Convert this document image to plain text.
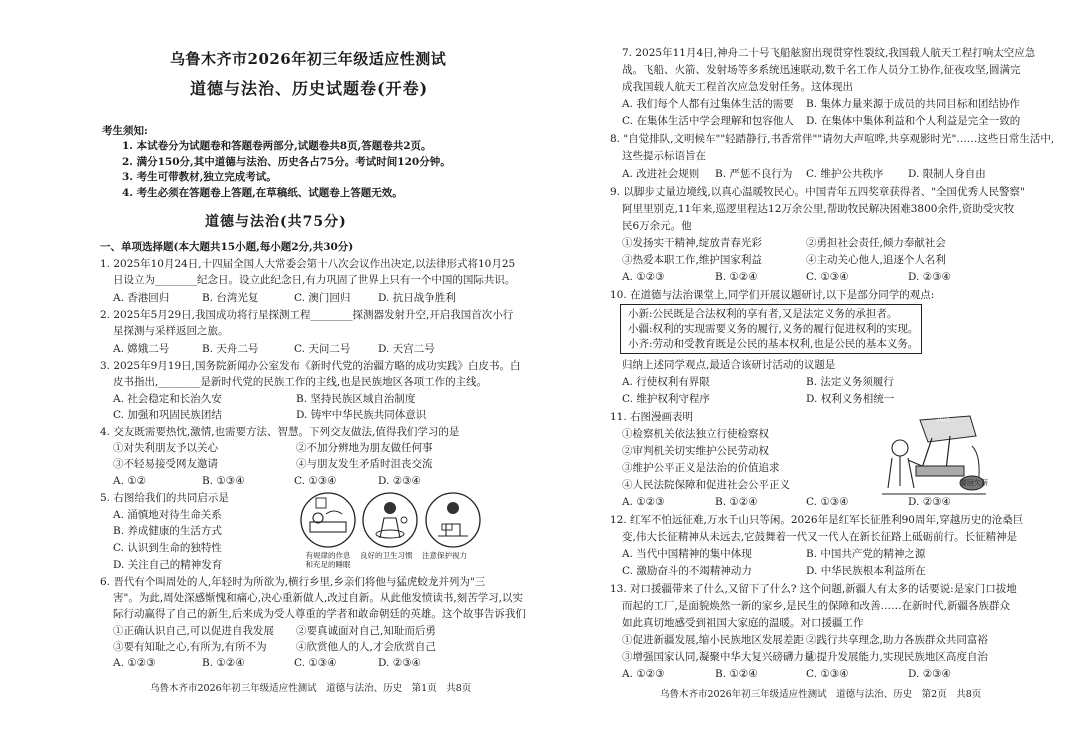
乌鲁木齐市2026年初三年级适应性测试
道德与法治、历史试题卷(开卷)
考生须知:
1. 本试卷分为试题卷和答题卷两部分,试题卷共8页,答题卷共2页。
2. 满分150分,其中道德与法治、历史各占75分。考试时间120分钟。
3. 考生可带教材,独立完成考试。
4. 考生必须在答题卷上答题,在草稿纸、试题卷上答题无效。
道德与法治(共75分)
一、单项选择题(本大题共15小题,每小题2分,共30分)
1. 2025年10月24日,十四届全国人大常委会第十八次会议作出决定,以法律形式将10月25
日设立为________纪念日。设立此纪念日,有力巩固了世界上只有一个中国的国际共识。
A. 香港回归	B. 台湾光复	C. 澳门回归	D. 抗日战争胜利
2. 2025年5月29日,我国成功将行星探测工程________探测器发射升空,开启我国首次小行
星探测与采样返回之旅。
A. 嫦娥二号	B. 天舟二号	C. 天问二号	D. 天宫二号
3. 2025年9月19日,国务院新闻办公室发布《新时代党的治疆方略的成功实践》白皮书。白
皮书指出,________是新时代党的民族工作的主线,也是民族地区各项工作的主线。
A. 社会稳定和长治久安	B. 坚持民族区域自治制度
C. 加强和巩固民族团结	D. 铸牢中华民族共同体意识
4. 交友既需要热忱,激情,也需要方法、智慧。下列交友做法,值得我们学习的是
①对失利朋友予以关心	②不加分辨地为朋友做任何事
③不轻易接受网友邀请	④与朋友发生矛盾时沮丧交流
A. ①②	B. ①③④	C. ①③④	D. ②③④
5. 右图给我们的共同启示是
A. 涌慎地对待生命关系
B. 养成健康的生活方式
C. 认识到生命的独特性
D. 关注自己的精神发育
有规律的作息
和充足的睡眠
良好的卫生习惯 注意保护视力
6. 晋代有个叫周处的人,年轻时为所欲为,横行乡里,乡亲们将他与猛虎蛟龙并列为"三
害"。为此,周处深感惭愧和痛心,决心重新做人,改过自新。从此他发愤读书,刻苦学习,以实
际行动赢得了自己的新生,后来成为受人尊重的学者和敢命朝廷的英雄。这个故事告诉我们
①正确认识自己,可以促进自我发展 ②要真诚面对自己,知耻而后勇
③要有知耻之心,有所为,有所不为	④欣赏他人的人,才会欣赏自己
A. ①②③	B. ①②④	C. ①③④	D. ②③④
乌鲁木齐市2026年初三年级适应性测试　道德与法治、历史　第1页　共8页
7. 2025年11月4日,神舟二十号飞船舷窗出现贯穿性裂纹,我国载人航天工程打响太空应急
战。飞船、火箭、发射场等多系统迅速联动,数千名工作人员分工协作,征夜攻坚,圆满完
成我国载人航天工程首次应急发射任务。这体现出
A. 我们每个人都有过集体生活的需要 B. 集体力量来源于成员的共同目标和团结协作
C. 在集体生活中学会理解和包容他人 D. 在集体中集体利益和个人利益是完全一致的
8. "自觉排队,文明候车""轻踏静行,书香常伴""请勿大声喧哗,共享观影时光"……这些日常生活中,
这些提示标语旨在
A. 改进社会规则 B. 严惩不良行为 C. 维护公共秩序 D. 限制人身自由
9. 以脚步丈量边境线,以真心温暖牧民心。中国青年五四奖章获得者、"全国优秀人民警察"
阿里里别克,11年来,巡逻里程达12万余公里,帮助牧民解决困难3800余件,资助受灾牧
民6万余元。他
①发扬实干精神,绽放青春光彩	②勇担社会责任,倾力奉献社会
③热爱本职工作,维护国家利益	④主动关心他人,追逐个人名利
A. ①②③	B. ①②④	C. ①③④	D. ②③④
10. 在道德与法治课堂上,同学们开展议题研讨,以下是部分同学的观点:
小新:公民既是合法权利的享有者,又是法定义务的承担者。
小疆:权利的实现需要义务的履行,义务的履行促进权利的实现。
小齐:劳动和受教育既是公民的基本权利,也是公民的基本义务。
归纳上述同学观点,最适合该研讨活动的议题是
A. 行使权利有界限	B. 法定义务须履行
C. 维护权利守程序	D. 权利义务相统一
11. 右图漫画表明
①检察机关依法独立行使检察权
②审判机关切实维护公民劳动权
③维护公平正义是法治的价值追求
④人民法院保障和促进社会公平正义
A. ①②③	B. ①②④	C. ①③④	D. ②③④
判决
要回欠薪
12. 红军不怕远征难,万水千山只等闲。2026年是红军长征胜利90周年,穿越历史的沧桑巨
变,伟大长征精神从未远去,它鼓舞着一代又一代人在新长征路上砥砺前行。长征精神是
A. 当代中国精神的集中体现	B. 中国共产党的精神之源
C. 激励奋斗的不竭精神动力	D. 中华民族根本利益所在
13. 对口援疆带来了什么,又留下了什么? 这个问题,新疆人有太多的话要说:是家门口拔地
而起的工厂,是面貌焕然一新的家乡,是民生的保障和改善……在新时代,新疆各族群众
如此真切地感受到祖国大家庭的温暖。对口援疆工作
①促进新疆发展,缩小民族地区发展差距 ②践行共享理念,助力各族群众共同富裕
③增强国家认同,凝聚中华大复兴磅礴力量
④提升发展能力,实现民族地区高度自治
A. ①②③	B. ①②④	C. ①③④	D. ②③④
乌鲁木齐市2026年初三年级适应性测试　道德与法治、历史　第2页　共8页
